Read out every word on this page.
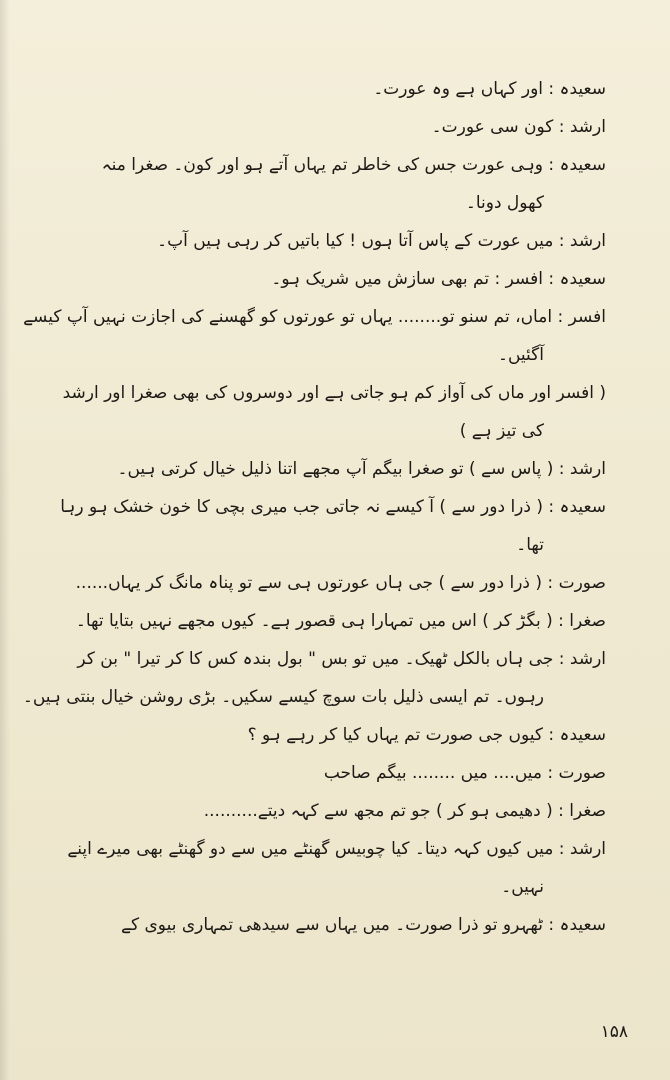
سعیدہ : اور کہاں ہے وہ عورت۔
ارشد : کون سی عورت۔
سعیدہ : وہی عورت جس کی خاطر تم یہاں آتے ہو اور کون۔ صغرا منہ
کھول دونا۔
ارشد : میں عورت کے پاس آتا ہوں ! کیا باتیں کر رہی ہیں آپ۔
سعیدہ : افسر : تم بھی سازش میں شریک ہو۔
افسر : اماں، تم سنو تو........ یہاں تو عورتوں کو گھسنے کی اجازت نہیں آپ کیسے
آگئیں۔
( افسر اور ماں کی آواز کم ہو جاتی ہے اور دوسروں کی بھی صغرا اور ارشد
کی تیز ہے )
ارشد : ( پاس سے ) تو صغرا بیگم آپ مجھے اتنا ذلیل خیال کرتی ہیں۔
سعیدہ : ( ذرا دور سے ) آ کیسے نہ جاتی جب میری بچی کا خون خشک ہو رہا
تھا۔
صورت : ( ذرا دور سے ) جی ہاں عورتوں ہی سے تو پناہ مانگ کر یہاں......
صغرا : ( بگڑ کر ) اس میں تمہارا ہی قصور ہے۔ کیوں مجھے نہیں بتایا تھا۔
ارشد : جی ہاں بالکل ٹھیک۔ میں تو بس " بول بندہ کس کا کر تیرا " بن کر
رہوں۔ تم ایسی ذلیل بات سوچ کیسے سکیں۔ بڑی روشن خیال بنتی ہیں۔
سعیدہ : کیوں جی صورت تم یہاں کیا کر رہے ہو ؟
صورت : میں.... میں ........ بیگم صاحب
صغرا : ( دھیمی ہو کر ) جو تم مجھ سے کہہ دیتے..........
ارشد : میں کیوں کہہ دیتا۔ کیا چوبیس گھنٹے میں سے دو گھنٹے بھی میرے اپنے
نہیں۔
سعیدہ : ٹھہرو تو ذرا صورت۔ میں یہاں سے سیدھی تمہاری بیوی کے
۱۵۸
